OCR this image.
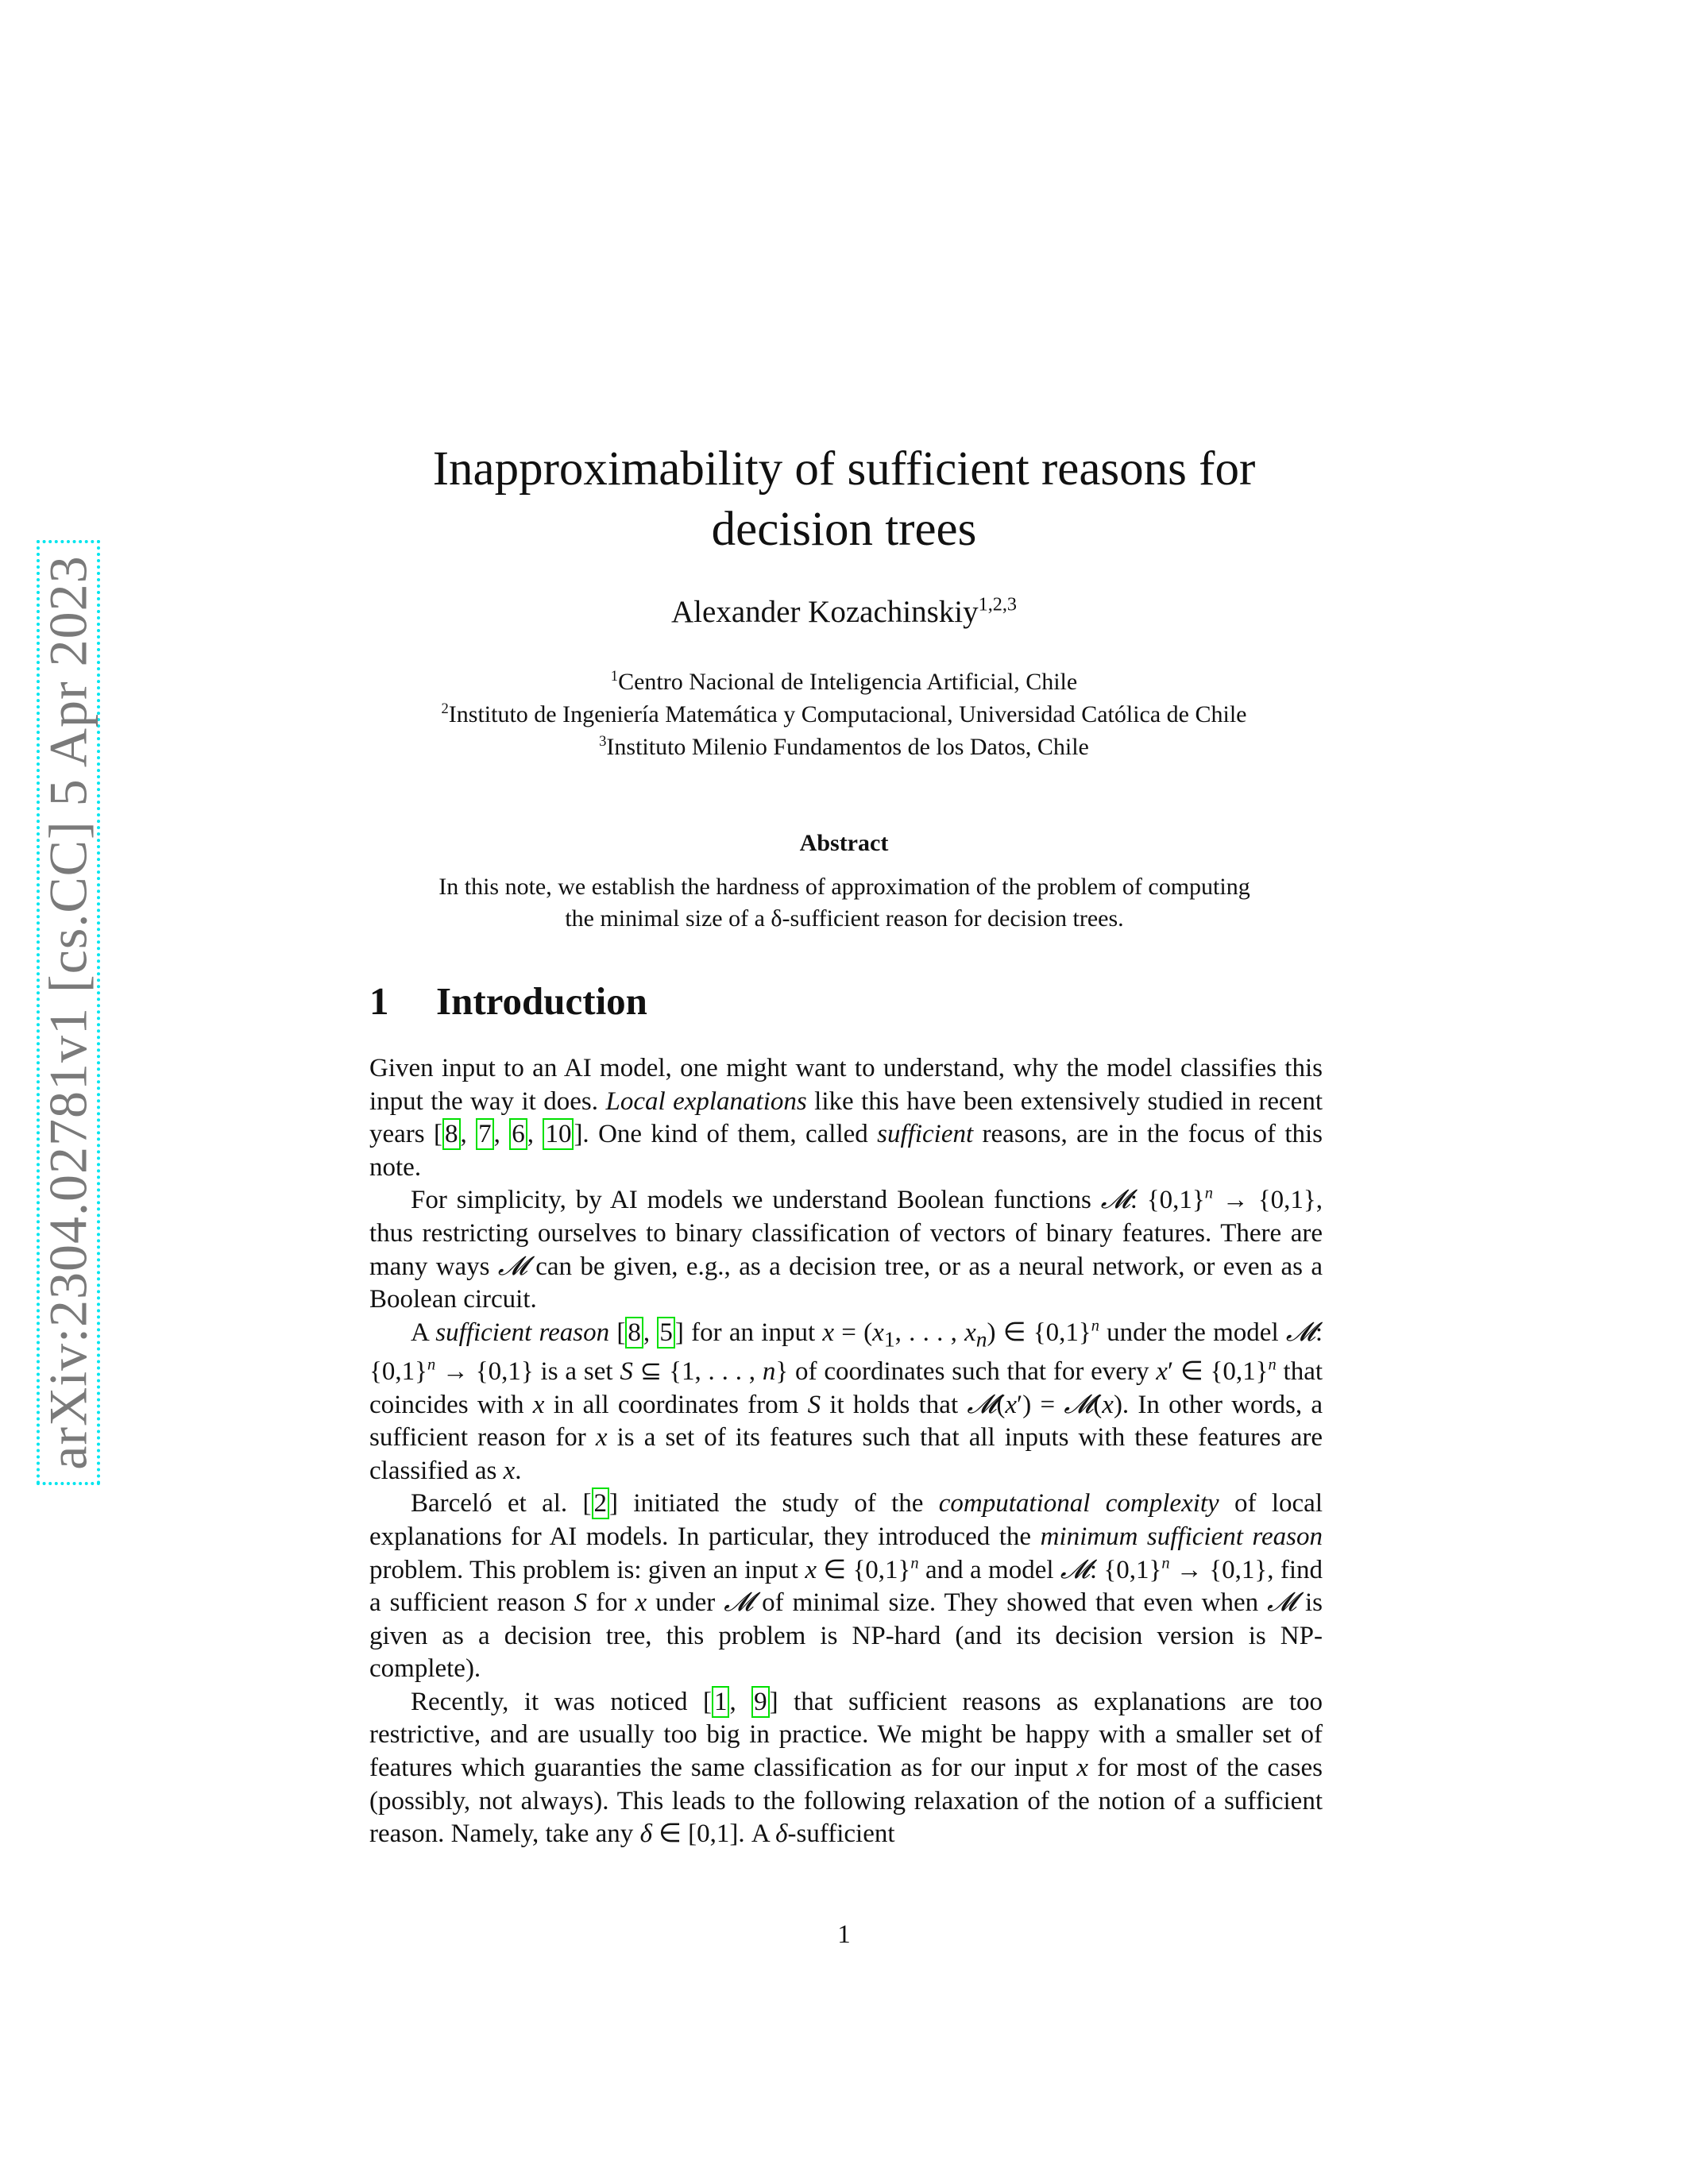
arXiv:2304.02781v1 [cs.CC] 5 Apr 2023
Inapproximability of sufficient reasons for
decision trees
Alexander Kozachinskiy$^{1,2,3}$
$^1$Centro Nacional de Inteligencia Artificial, Chile
$^2$Instituto de Ingeniería Matemática y Computacional, Universidad Católica de Chile
$^3$Instituto Milenio Fundamentos de los Datos, Chile
Abstract
In this note, we establish the hardness of approximation of the problem of computing the minimal size of a δ-sufficient reason for decision trees.
1 Introduction

Given input to an AI model, one might want to understand, why the model classifies this input the way it does. Local explanations like this have been extensively studied in recent years [8, 7, 6, 10]. One kind of them, called sufficient reasons, are in the focus of this note.

For simplicity, by AI models we understand Boolean functions 𝓜: $\{0,1\}^n \to \{0,1\}$, thus restricting ourselves to binary classification of vectors of binary features. There are many ways 𝓜 can be given, e.g., as a decision tree, or as a neural network, or even as a Boolean circuit.

A sufficient reason [8, 5] for an input $x = (x_1$, . . . , $x_n$) ∈ $\{0,1\}^n$ under the model 𝓜: $\{0,1\}^n \to \{0,1\}$ is a set S ⊆ {1, . . . , n} of coordinates such that for every x′ ∈ $\{0,1\}^n$ that coincides with x in all coordinates from S it holds that 𝓜(x′) = 𝓜(x). In other words, a sufficient reason for x is a set of its features such that all inputs with these features are classified as x.

Barceló et al. [2] initiated the study of the computational complexity of local explanations for AI models. In particular, they introduced the minimum sufficient reason problem. This problem is: given an input x ∈ $\{0,1\}^n$ and a model 𝓜: $\{0,1\}^n \to \{0,1\}$, find a sufficient reason S for x under 𝓜 of minimal size. They showed that even when 𝓜 is given as a decision tree, this problem is NP-hard (and its decision version is NP-complete).

Recently, it was noticed [1, 9] that sufficient reasons as explanations are too restrictive, and are usually too big in practice. We might be happy with a smaller set of features which guaranties the same classification as for our input x for most of the cases (possibly, not always). This leads to the following relaxation of the notion of a sufficient reason. Namely, take any δ ∈ [0,1]. A δ-sufficient

1
